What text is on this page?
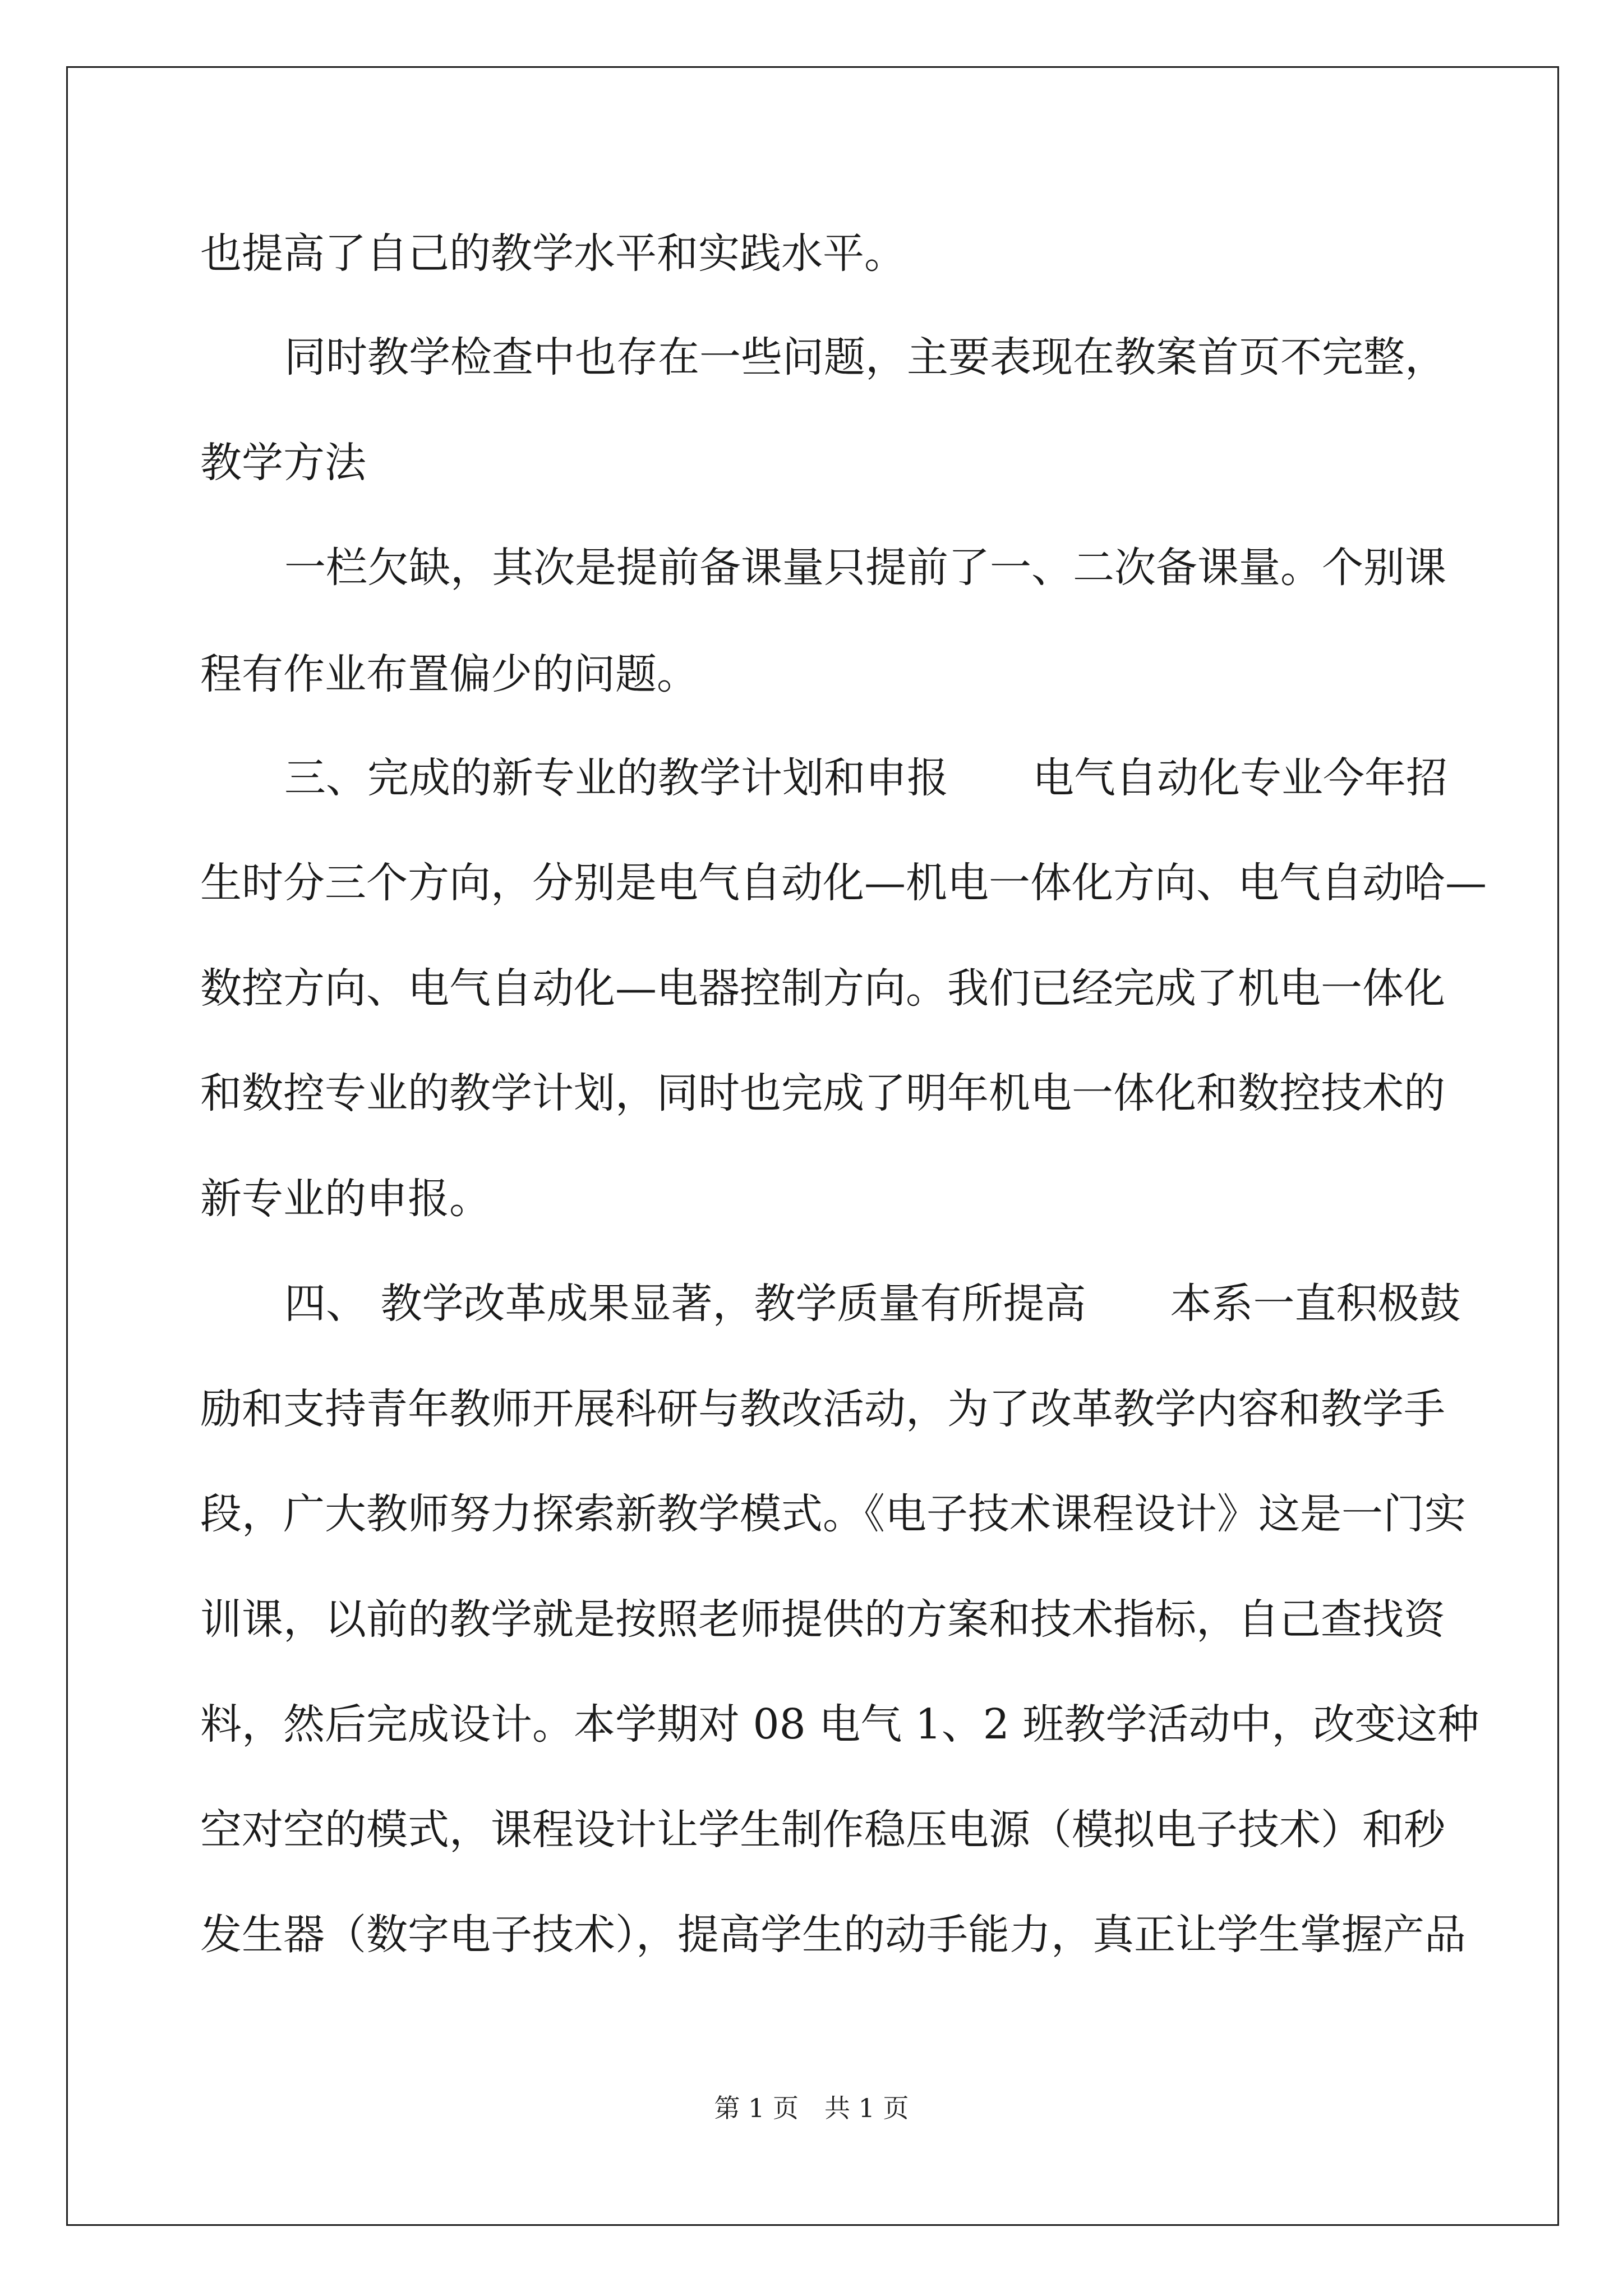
也提高了自己的教学水平和实践水平。
同时教学检查中也存在一些问题，主要表现在教案首页不完整，
教学方法
一栏欠缺，其次是提前备课量只提前了一、二次备课量。个别课
程有作业布置偏少的问题。
三、完成的新专业的教学计划和申报 电气自动化专业今年招
生时分三个方向，分别是电气自动化—机电一体化方向、电气自动哈—
数控方向、电气自动化—电器控制方向。我们已经完成了机电一体化
和数控专业的教学计划，同时也完成了明年机电一体化和数控技术的
新专业的申报。
四、 教学改革成果显著，教学质量有所提高 本系一直积极鼓
励和支持青年教师开展科研与教改活动，为了改革教学内容和教学手
段，广大教师努力探索新教学模式。《电子技术课程设计》这是一门实
训课，以前的教学就是按照老师提供的方案和技术指标，自己查找资
料，然后完成设计。本学期对 08 电气 1、2 班教学活动中，改变这种
空对空的模式，课程设计让学生制作稳压电源（模拟电子技术）和秒
发生器（数字电子技术），提高学生的动手能力，真正让学生掌握产品
第 1 页　共 1 页
